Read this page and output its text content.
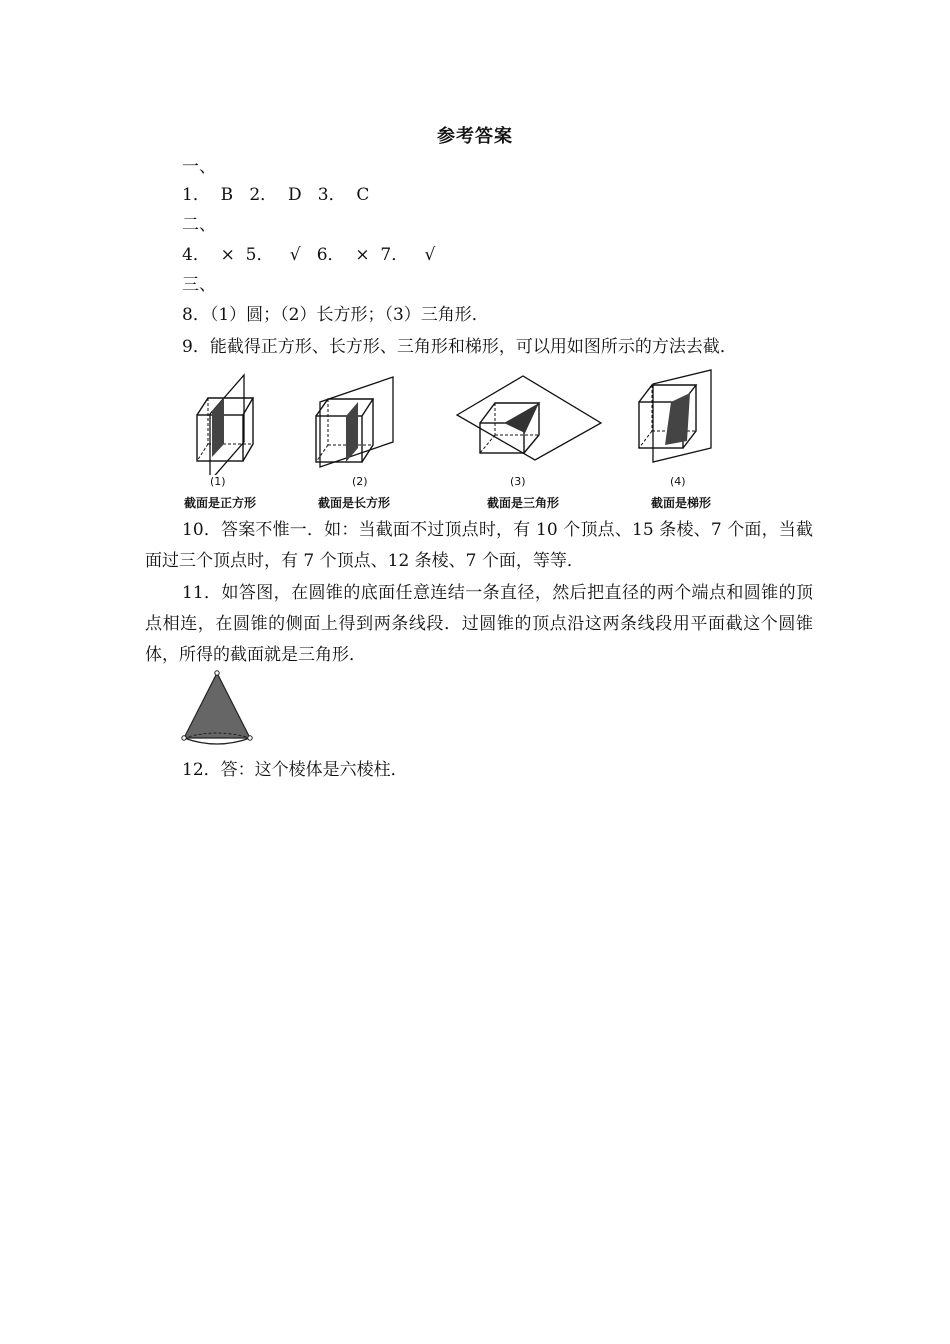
参考答案
一、
1．  B   2．  D   3．  C
二、
4．  ×  5．   √   6．  ×  7．   √
三、
8．（1）圆；（2）长方形；（3）三角形．
9．能截得正方形、长方形、三角形和梯形，可以用如图所示的方法去截．
(1)
截面是正方形
(2)
截面是长方形
(3)
截面是三角形
(4)
截面是梯形
10．答案不惟一．如：当截面不过顶点时，有 10 个顶点、15 条棱、7 个面，当截面过三个顶点时，有 7 个顶点、12 条棱、7 个面，等等．
11．如答图，在圆锥的底面任意连结一条直径，然后把直径的两个端点和圆锥的顶点相连，在圆锥的侧面上得到两条线段．过圆锥的顶点沿这两条线段用平面截这个圆锥体，所得的截面就是三角形．
12．答：这个棱体是六棱柱．
